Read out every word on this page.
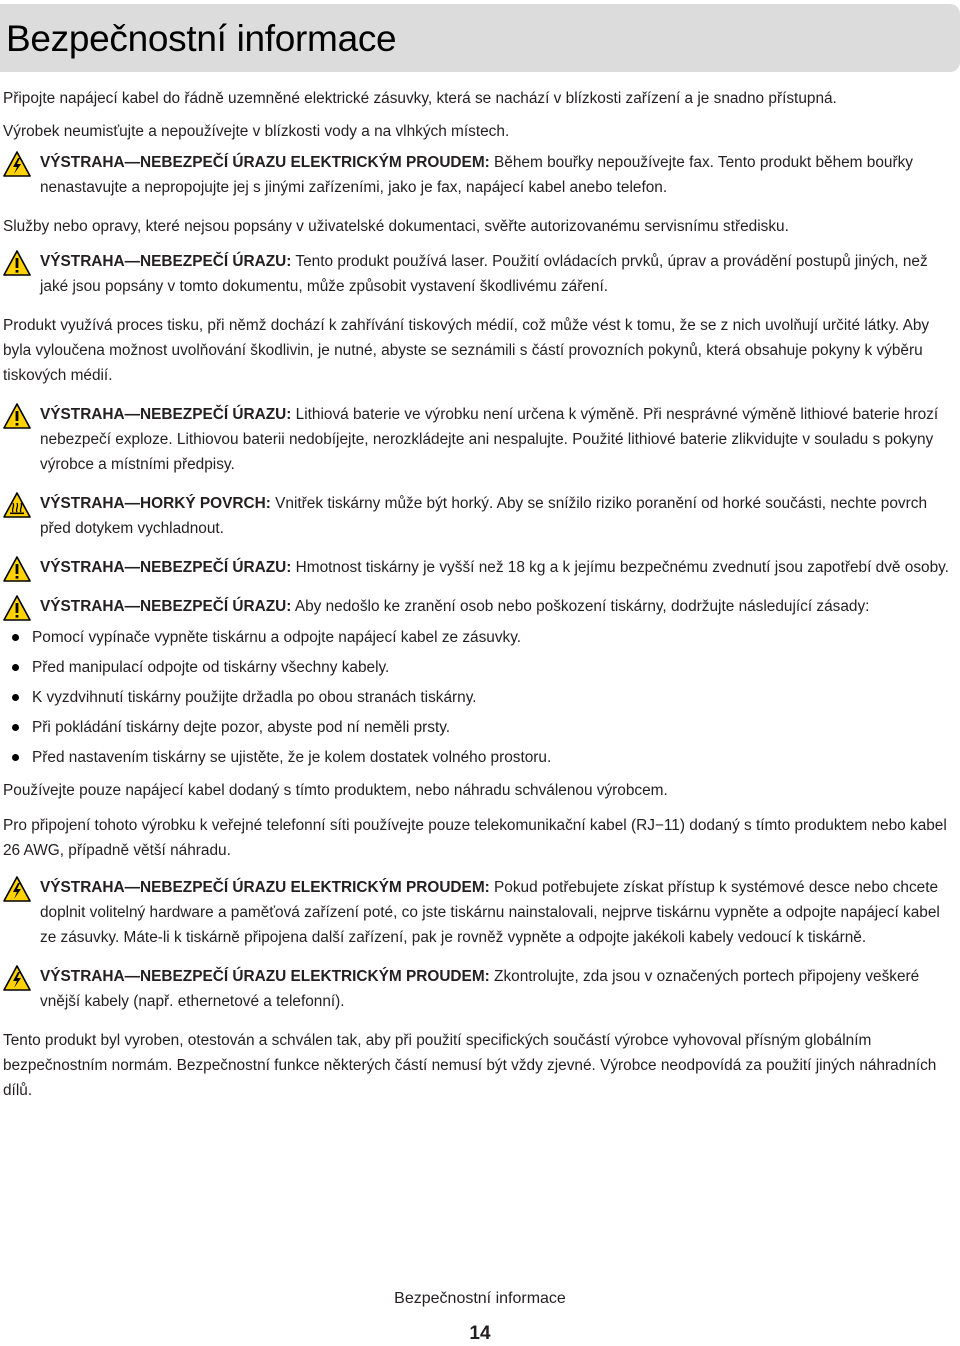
Bezpečnostní informace

Připojte napájecí kabel do řádně uzemněné elektrické zásuvky, která se nachází v blízkosti zařízení a je snadno přístupná.

Výrobek neumisťujte a nepoužívejte v blízkosti vody a na vlhkých místech.

VÝSTRAHA—NEBEZPEČÍ ÚRAZU ELEKTRICKÝM PROUDEM: Během bouřky nepoužívejte fax. Tento produkt během bouřky nenastavujte a nepropojujte jej s jinými zařízeními, jako je fax, napájecí kabel anebo telefon.

Služby nebo opravy, které nejsou popsány v uživatelské dokumentaci, svěřte autorizovanému servisnímu středisku.

VÝSTRAHA—NEBEZPEČÍ ÚRAZU: Tento produkt používá laser. Použití ovládacích prvků, úprav a provádění postupů jiných, než jaké jsou popsány v tomto dokumentu, může způsobit vystavení škodlivému záření.

Produkt využívá proces tisku, při němž dochází k zahřívání tiskových médií, což může vést k tomu, že se z nich uvolňují určité látky. Aby byla vyloučena možnost uvolňování škodlivin, je nutné, abyste se seznámili s částí provozních pokynů, která obsahuje pokyny k výběru tiskových médií.

VÝSTRAHA—NEBEZPEČÍ ÚRAZU: Lithiová baterie ve výrobku není určena k výměně. Při nesprávné výměně lithiové baterie hrozí nebezpečí exploze. Lithiovou baterii nedobíjejte, nerozkládejte ani nespalujte. Použité lithiové baterie zlikvidujte v souladu s pokyny výrobce a místními předpisy.
VÝSTRAHA—HORKÝ POVRCH: Vnitřek tiskárny může být horký. Aby se snížilo riziko poranění od horké součásti, nechte povrch před dotykem vychladnout.
VÝSTRAHA—NEBEZPEČÍ ÚRAZU: Hmotnost tiskárny je vyšší než 18 kg a k jejímu bezpečnému zvednutí jsou zapotřebí dvě osoby.
VÝSTRAHA—NEBEZPEČÍ ÚRAZU: Aby nedošlo ke zranění osob nebo poškození tiskárny, dodržujte následující zásady:
Pomocí vypínače vypněte tiskárnu a odpojte napájecí kabel ze zásuvky.
Před manipulací odpojte od tiskárny všechny kabely.
K vyzdvihnutí tiskárny použijte držadla po obou stranách tiskárny.
Při pokládání tiskárny dejte pozor, abyste pod ní neměli prsty.
Před nastavením tiskárny se ujistěte, že je kolem dostatek volného prostoru.

Používejte pouze napájecí kabel dodaný s tímto produktem, nebo náhradu schválenou výrobcem.

Pro připojení tohoto výrobku k veřejné telefonní síti používejte pouze telekomunikační kabel (RJ−11) dodaný s tímto produktem nebo kabel 26 AWG, případně větší náhradu.

VÝSTRAHA—NEBEZPEČÍ ÚRAZU ELEKTRICKÝM PROUDEM: Pokud potřebujete získat přístup k systémové desce nebo chcete doplnit volitelný hardware a paměťová zařízení poté, co jste tiskárnu nainstalovali, nejprve tiskárnu vypněte a odpojte napájecí kabel ze zásuvky. Máte-li k tiskárně připojena další zařízení, pak je rovněž vypněte a odpojte jakékoli kabely vedoucí k tiskárně.
VÝSTRAHA—NEBEZPEČÍ ÚRAZU ELEKTRICKÝM PROUDEM: Zkontrolujte, zda jsou v označených portech připojeny veškeré vnější kabely (např. ethernetové a telefonní).

Tento produkt byl vyroben, otestován a schválen tak, aby při použití specifických součástí výrobce vyhovoval přísným globálním bezpečnostním normám. Bezpečnostní funkce některých částí nemusí být vždy zjevné. Výrobce neodpovídá za použití jiných náhradních dílů.

Bezpečnostní informace
14
